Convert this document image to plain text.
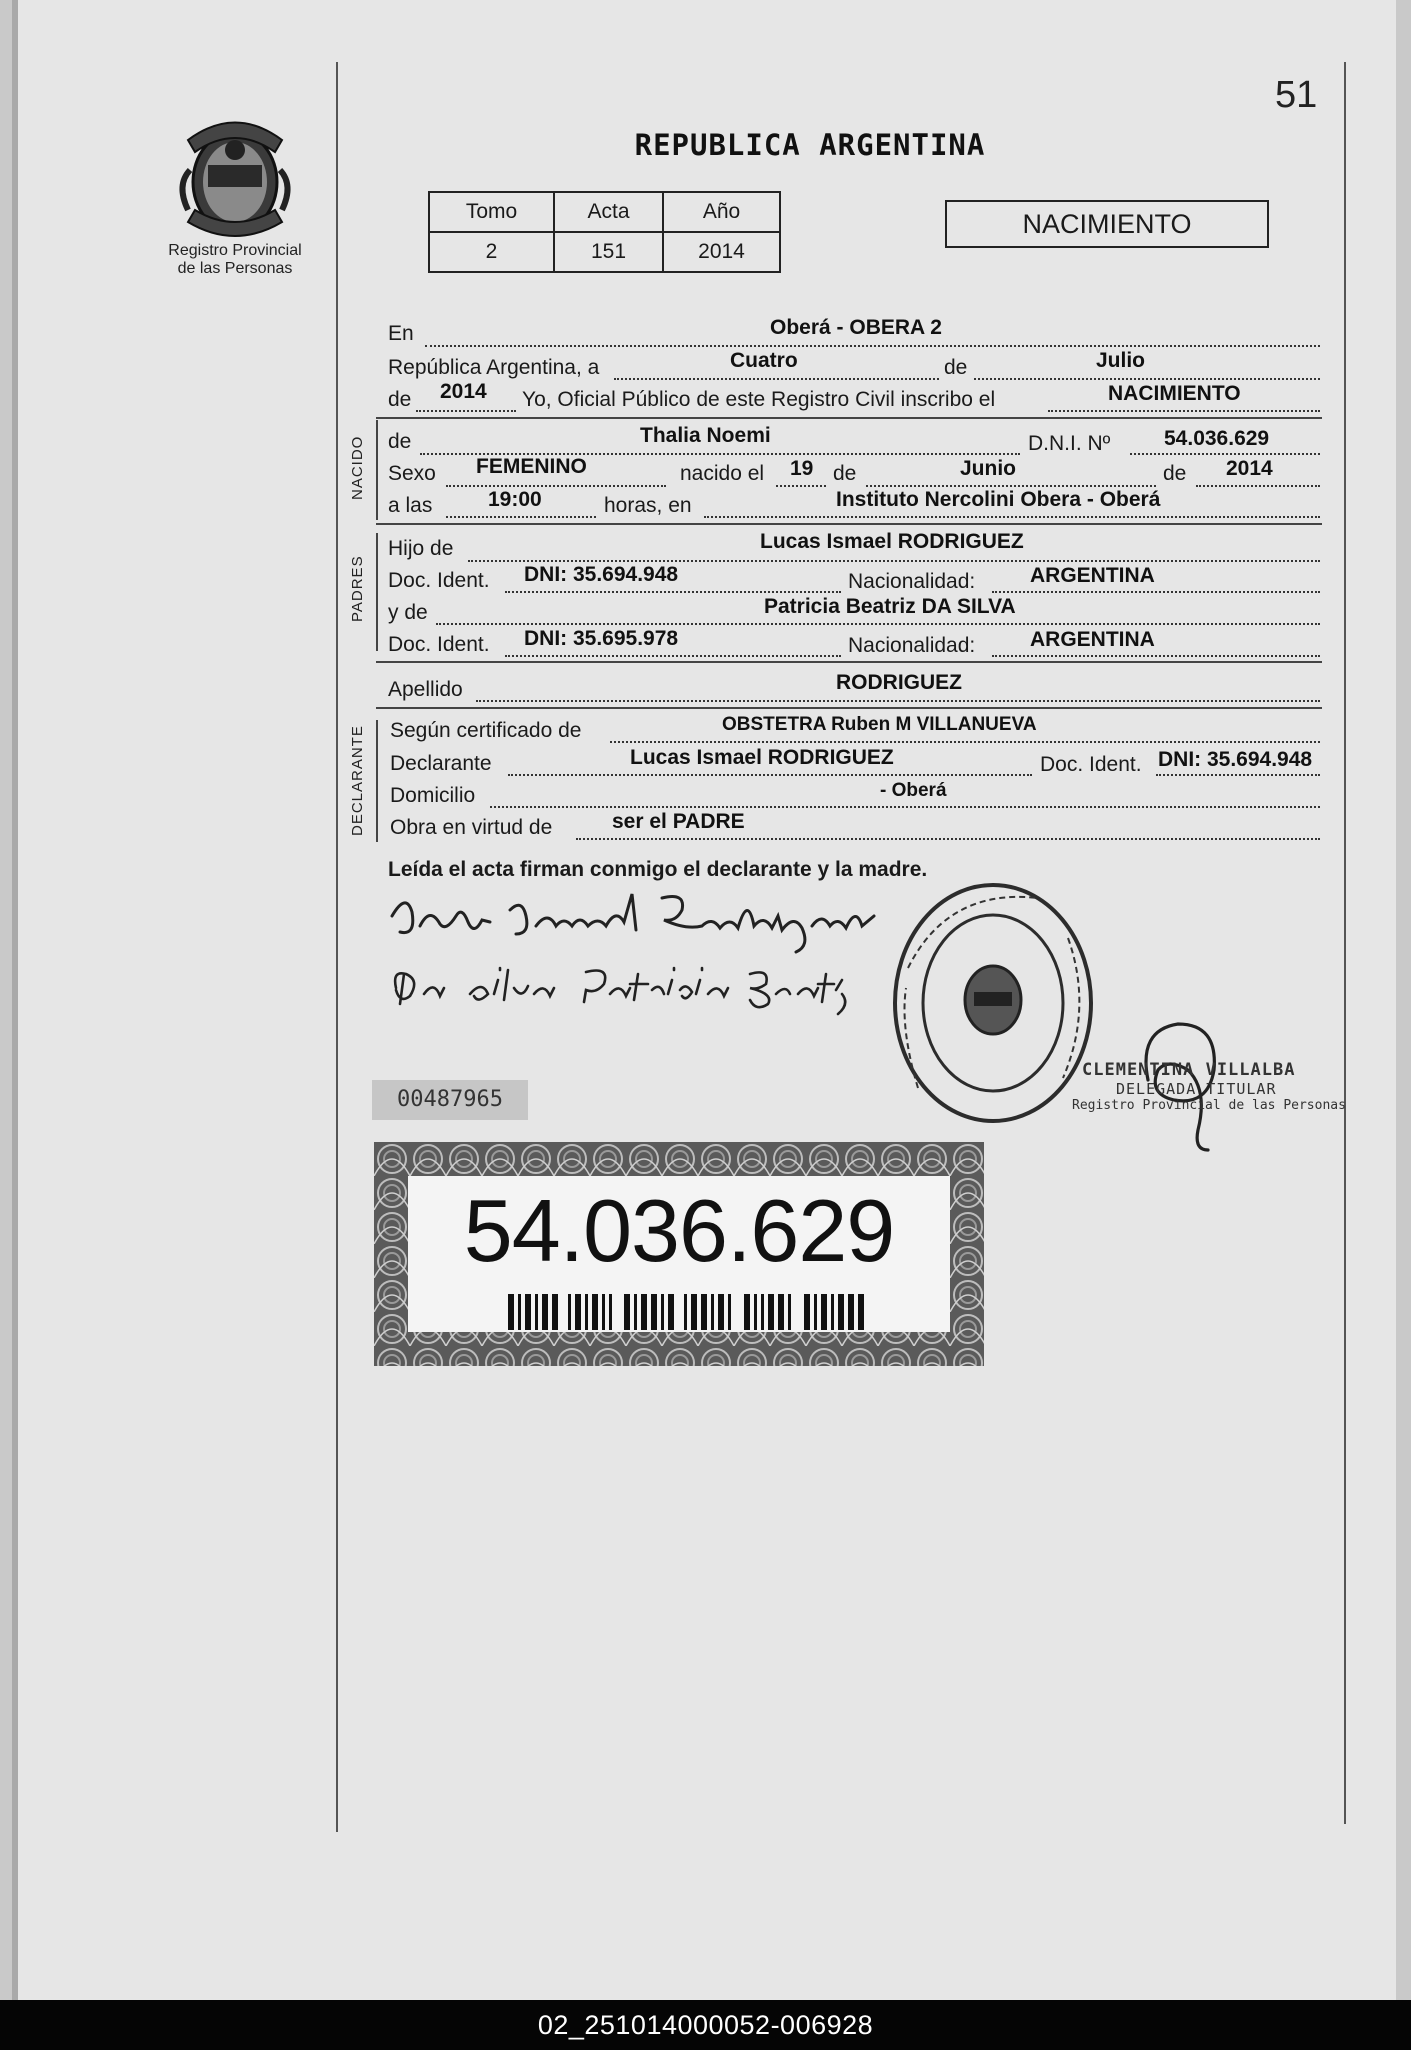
51
Registro Provincial
de las Personas
REPUBLICA ARGENTINA
Tomo	Acta	Año
2	151	2014
NACIMIENTO
En	Oberá - OBERA 2
República Argentina, a	Cuatro	de	Julio
de 2014 Yo, Oficial Público de este Registro Civil inscribo el	NACIMIENTO
NACIDO de	Thalia Noemi	D.N.I. Nº	54.036.629
Sexo FEMENINO	nacido el 19 de	Junio	de 2014
a las	19:00	horas, en	Instituto Nercolini Obera - Oberá
PADRES
Hijo de	Lucas Ismael RODRIGUEZ
Doc. Ident. DNI: 35.694.948	Nacionalidad:	ARGENTINA
y de	Patricia Beatriz DA SILVA
Doc. Ident. DNI: 35.695.978	Nacionalidad:	ARGENTINA
Apellido	RODRIGUEZ
DECLARANTE Según certificado de	OBSTETRA Ruben M VILLANUEVA
Declarante	Lucas Ismael RODRIGUEZ	Doc. Ident. DNI: 35.694.948
Domicilio	- Oberá
Obra en virtud de	ser el PADRE
Leída el acta firman conmigo el declarante y la madre.
CLEMENTINA VILLALBA
DELEGADA TITULAR
Registro Provincial de las Personas
00487965
54.036.629
02_251014000052-006928
